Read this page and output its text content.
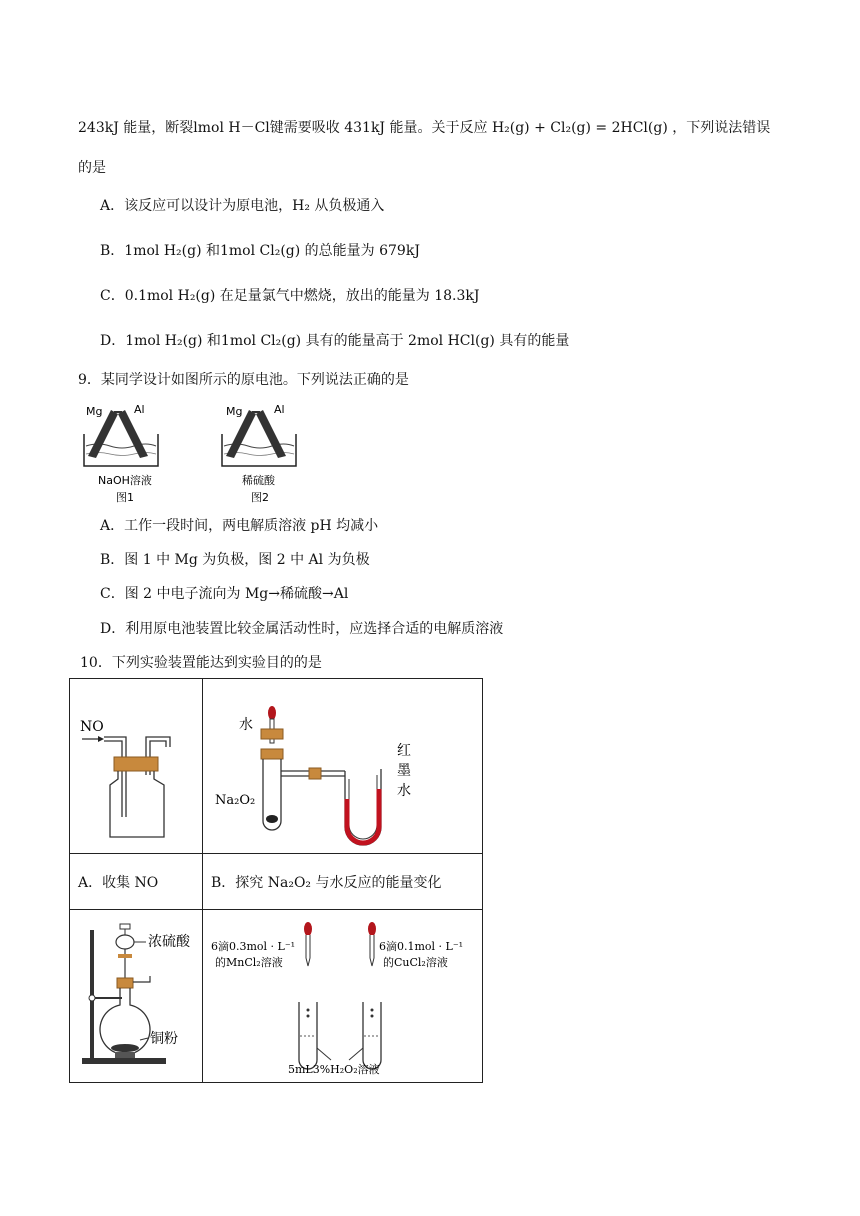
243kJ 能量，断裂lmol H－Cl键需要吸收 431kJ 能量。关于反应 H₂(g) + Cl₂(g) = 2HCl(g) ，下列说法错误
的是
A．该反应可以设计为原电池，H₂ 从负极通入
B．1mol H₂(g) 和1mol Cl₂(g) 的总能量为 679kJ
C．0.1mol H₂(g) 在足量氯气中燃烧，放出的能量为 18.3kJ
D．1mol H₂(g) 和1mol Cl₂(g) 具有的能量高于 2mol HCl(g) 具有的能量
9．某同学设计如图所示的原电池。下列说法正确的是
Mg	Al
NaOH溶液
图1
Mg	Al
稀硫酸
图2
A．工作一段时间，两电解质溶液 pH 均减小
B．图 1 中 Mg 为负极，图 2 中 Al 为负极
C．图 2 中电子流向为 Mg→稀硫酸→Al
D．利用原电池装置比较金属活动性时，应选择合适的电解质溶液
10．下列实验装置能达到实验目的的是
NO	水
Na₂O₂
红
墨
水

A．收集 NO	B．探究 Na₂O₂ 与水反应的能量变化

浓硫酸
铜粉	6滴0.3mol · L⁻¹
的MnCl₂溶液
6滴0.1mol · L⁻¹
的CuCl₂溶液
5mL3%H₂O₂溶液
